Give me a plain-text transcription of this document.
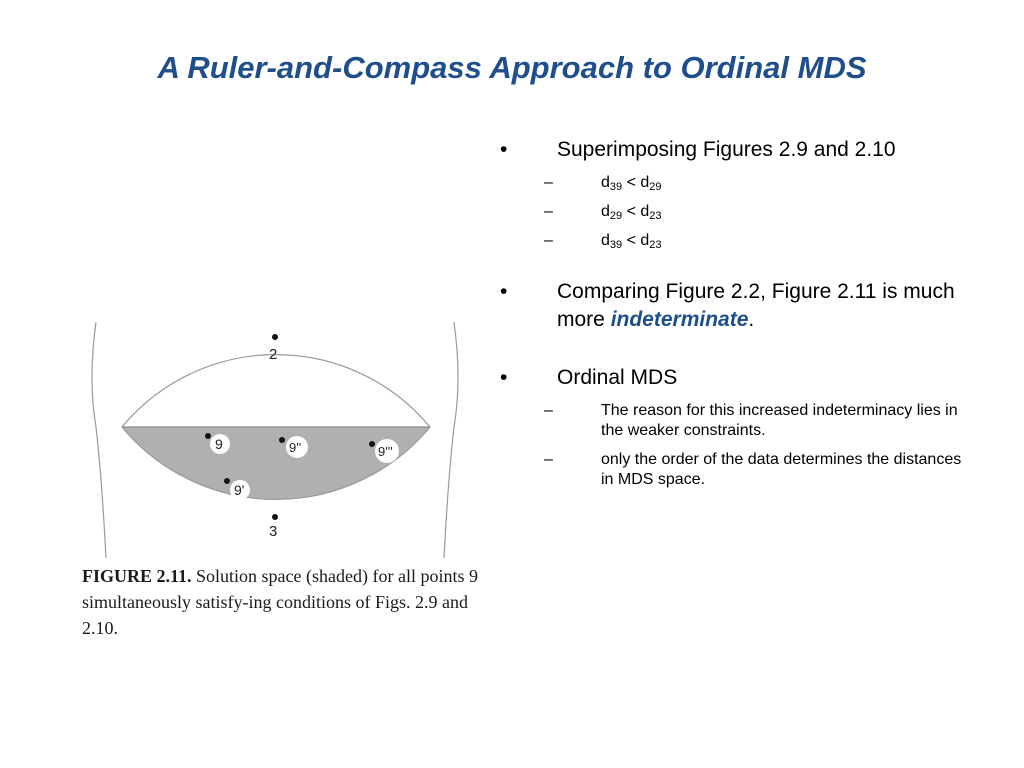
A Ruler-and-Compass Approach to Ordinal MDS
•	Superimposing Figures 2.9 and 2.10
–	$d_{39} < d_{29}$
–	$d_{29} < d_{23}$
–	$d_{39} < d_{23}$
•	Comparing Figure 2.2, Figure 2.11 is much more indeterminate.
•	Ordinal MDS
–	The reason for this increased indeterminacy lies in the weaker constraints.
–	only the order of the data determines the distances in MDS space.
2
9	9''	9'''
9'
3
FIGURE 2.11. Solution space (shaded) for all points 9 simultaneously satisfy-ing conditions of Figs. 2.9 and 2.10.
